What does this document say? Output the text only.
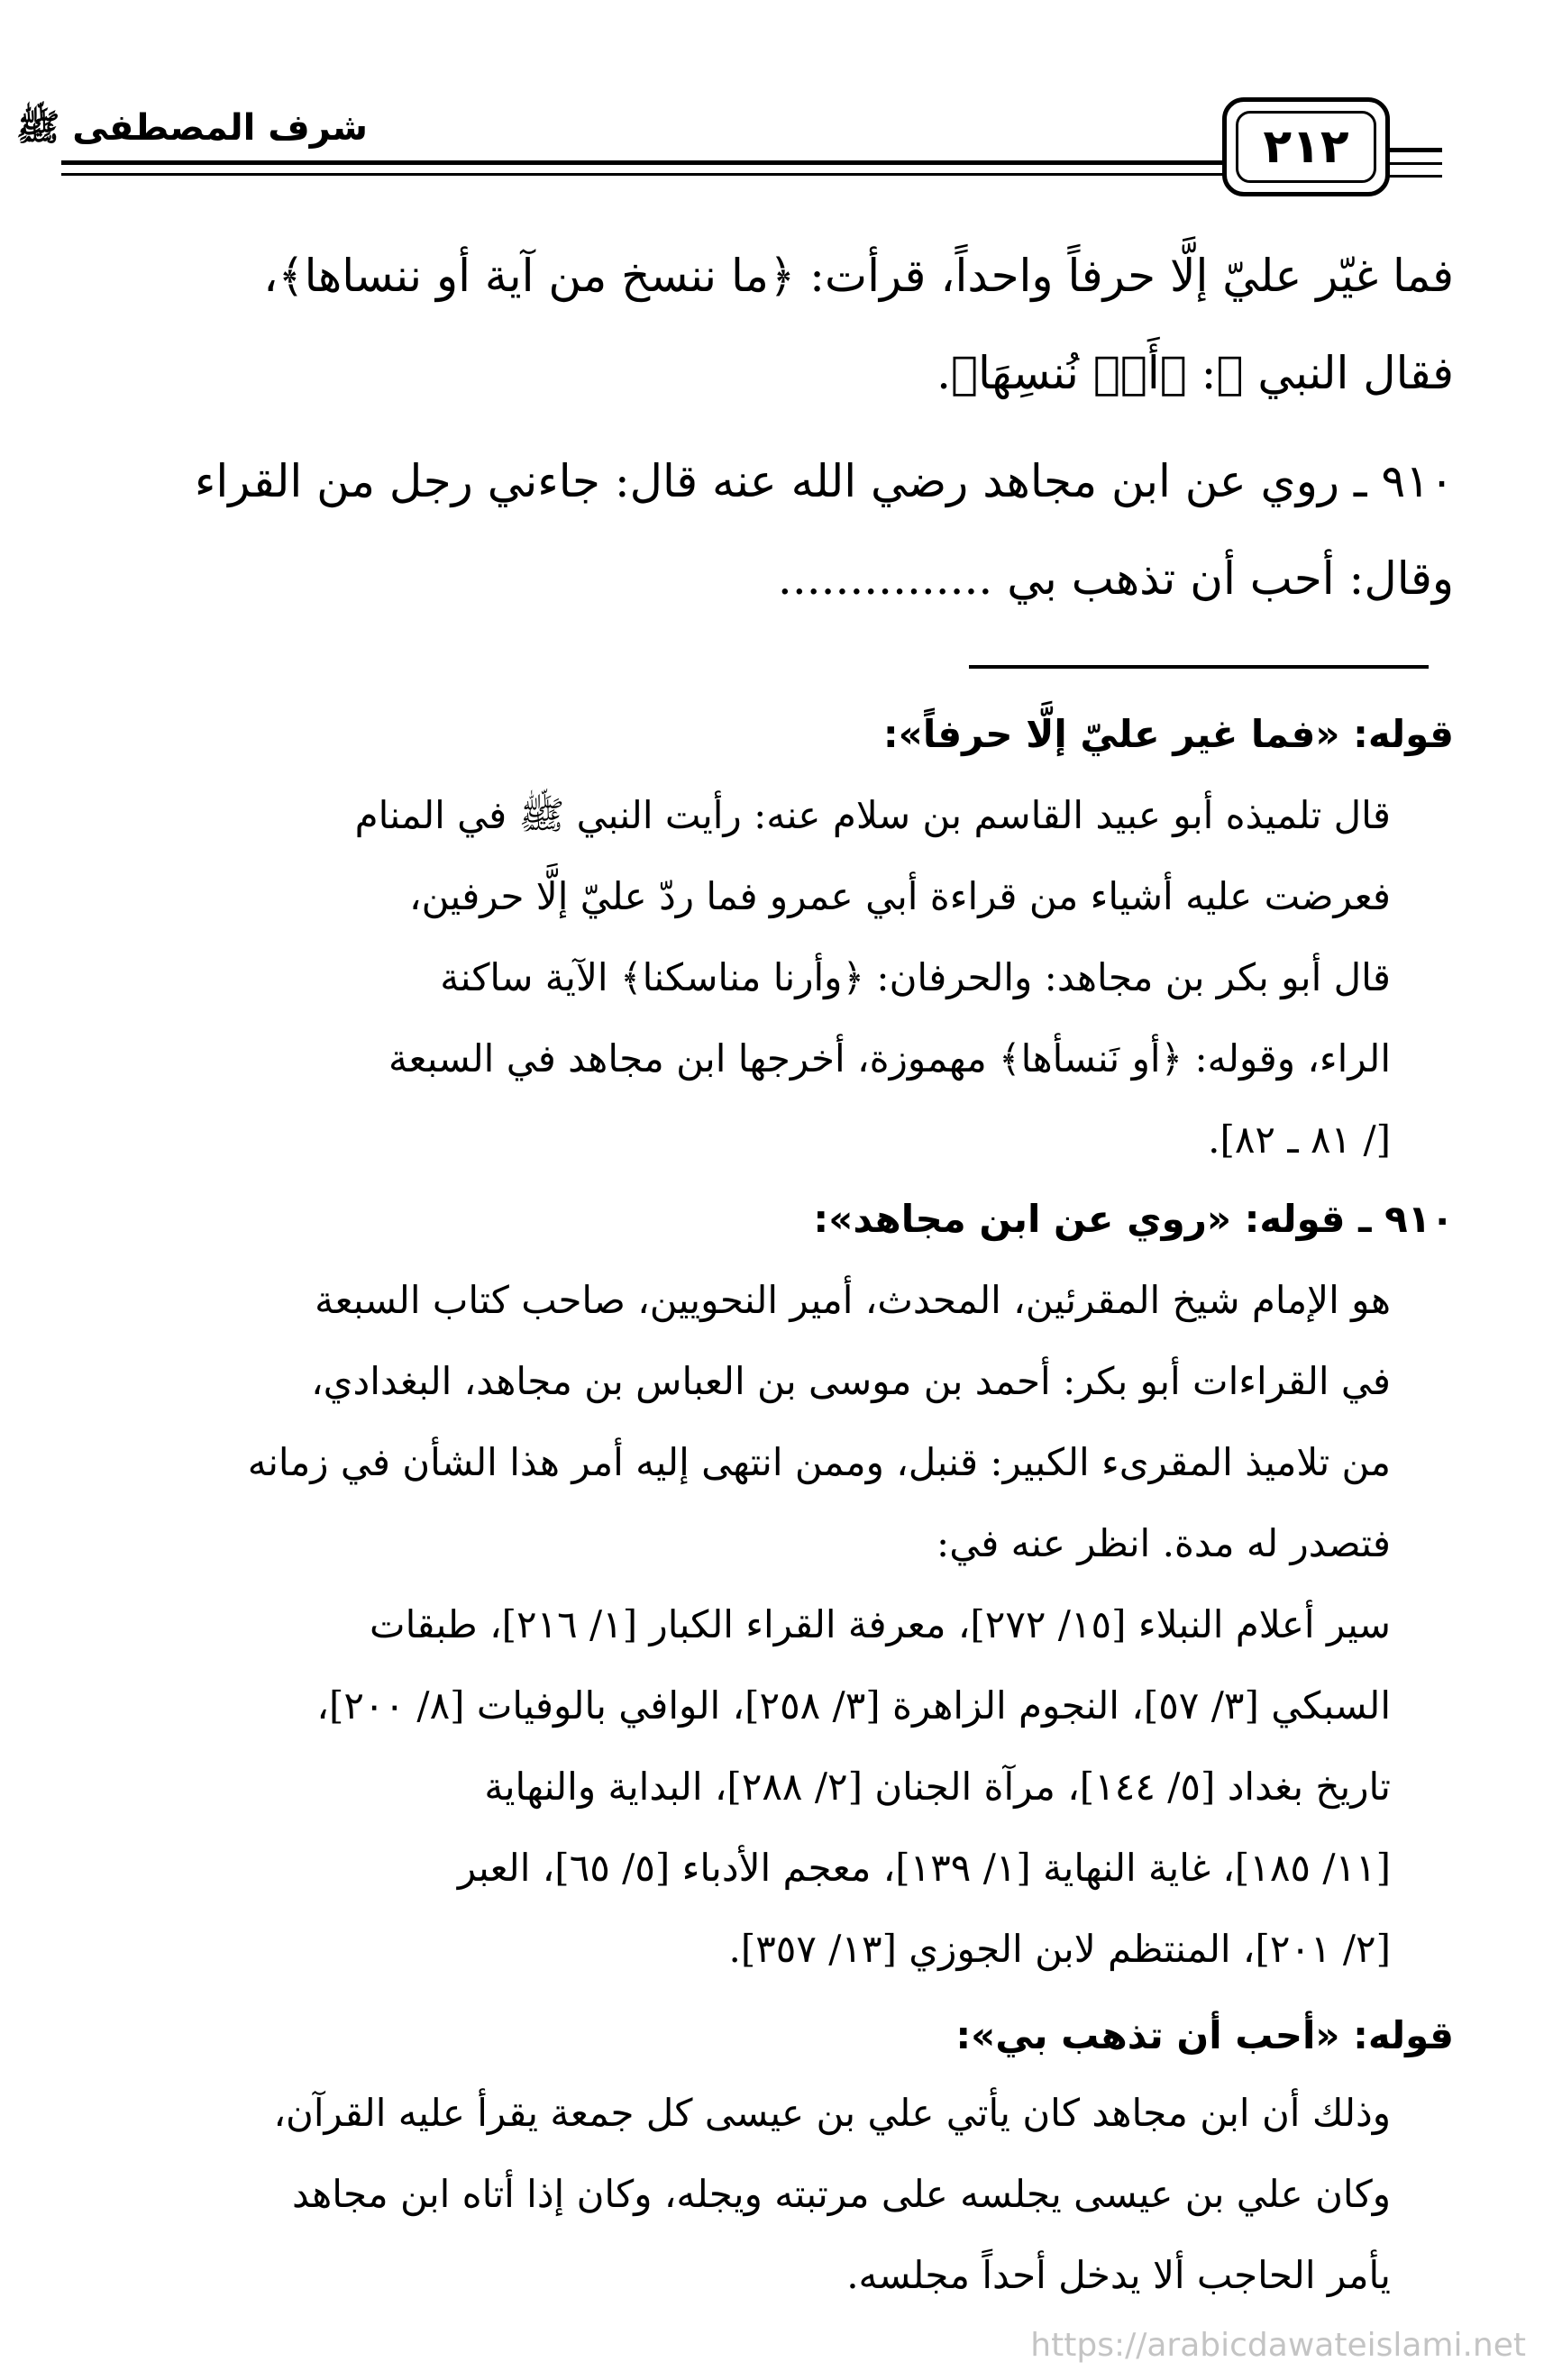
شرف المصطفى ﷺ	٢١٢
فما غيّر عليّ إلَّا حرفاً واحداً، قرأت: ﴿ما ننسخ من آية أو ننساها﴾،
فقال النبي ﷺ: ﴿أَوۡ نُنسِهَا﴾.
٩١٠ ـ روي عن ابن مجاهد رضي الله عنه قال: جاءني رجل من القراء
وقال: أحب أن تذهب بي ...............
قوله: «فما غير عليّ إلَّا حرفاً»:
قال تلميذه أبو عبيد القاسم بن سلام عنه: رأيت النبي ﷺ في المنام
فعرضت عليه أشياء من قراءة أبي عمرو فما ردّ عليّ إلَّا حرفين،
قال أبو بكر بن مجاهد: والحرفان: ﴿وأرنا مناسكنا﴾ الآية ساكنة
الراء، وقوله: ﴿أو نَنسأها﴾ مهموزة، أخرجها ابن مجاهد في السبعة
[/ ٨١ ـ ٨٢].
٩١٠ ـ قوله: «روي عن ابن مجاهد»:
هو الإمام شيخ المقرئين، المحدث، أمير النحويين، صاحب كتاب السبعة
في القراءات أبو بكر: أحمد بن موسى بن العباس بن مجاهد، البغدادي،
من تلاميذ المقرىء الكبير: قنبل، وممن انتهى إليه أمر هذا الشأن في زمانه
فتصدر له مدة. انظر عنه في:
سير أعلام النبلاء [١٥/ ٢٧٢]، معرفة القراء الكبار [١/ ٢١٦]، طبقات
السبكي [٣/ ٥٧]، النجوم الزاهرة [٣/ ٢٥٨]، الوافي بالوفيات [٨/ ٢٠٠]،
تاريخ بغداد [٥/ ١٤٤]، مرآة الجنان [٢/ ٢٨٨]، البداية والنهاية
[١١/ ١٨٥]، غاية النهاية [١/ ١٣٩]، معجم الأدباء [٥/ ٦٥]، العبر
[٢/ ٢٠١]، المنتظم لابن الجوزي [١٣/ ٣٥٧].
قوله: «أحب أن تذهب بي»:
وذلك أن ابن مجاهد كان يأتي علي بن عيسى كل جمعة يقرأ عليه القرآن،
وكان علي بن عيسى يجلسه على مرتبته ويجله، وكان إذا أتاه ابن مجاهد
يأمر الحاجب ألا يدخل أحداً مجلسه.
https://arabicdawateislami.net
